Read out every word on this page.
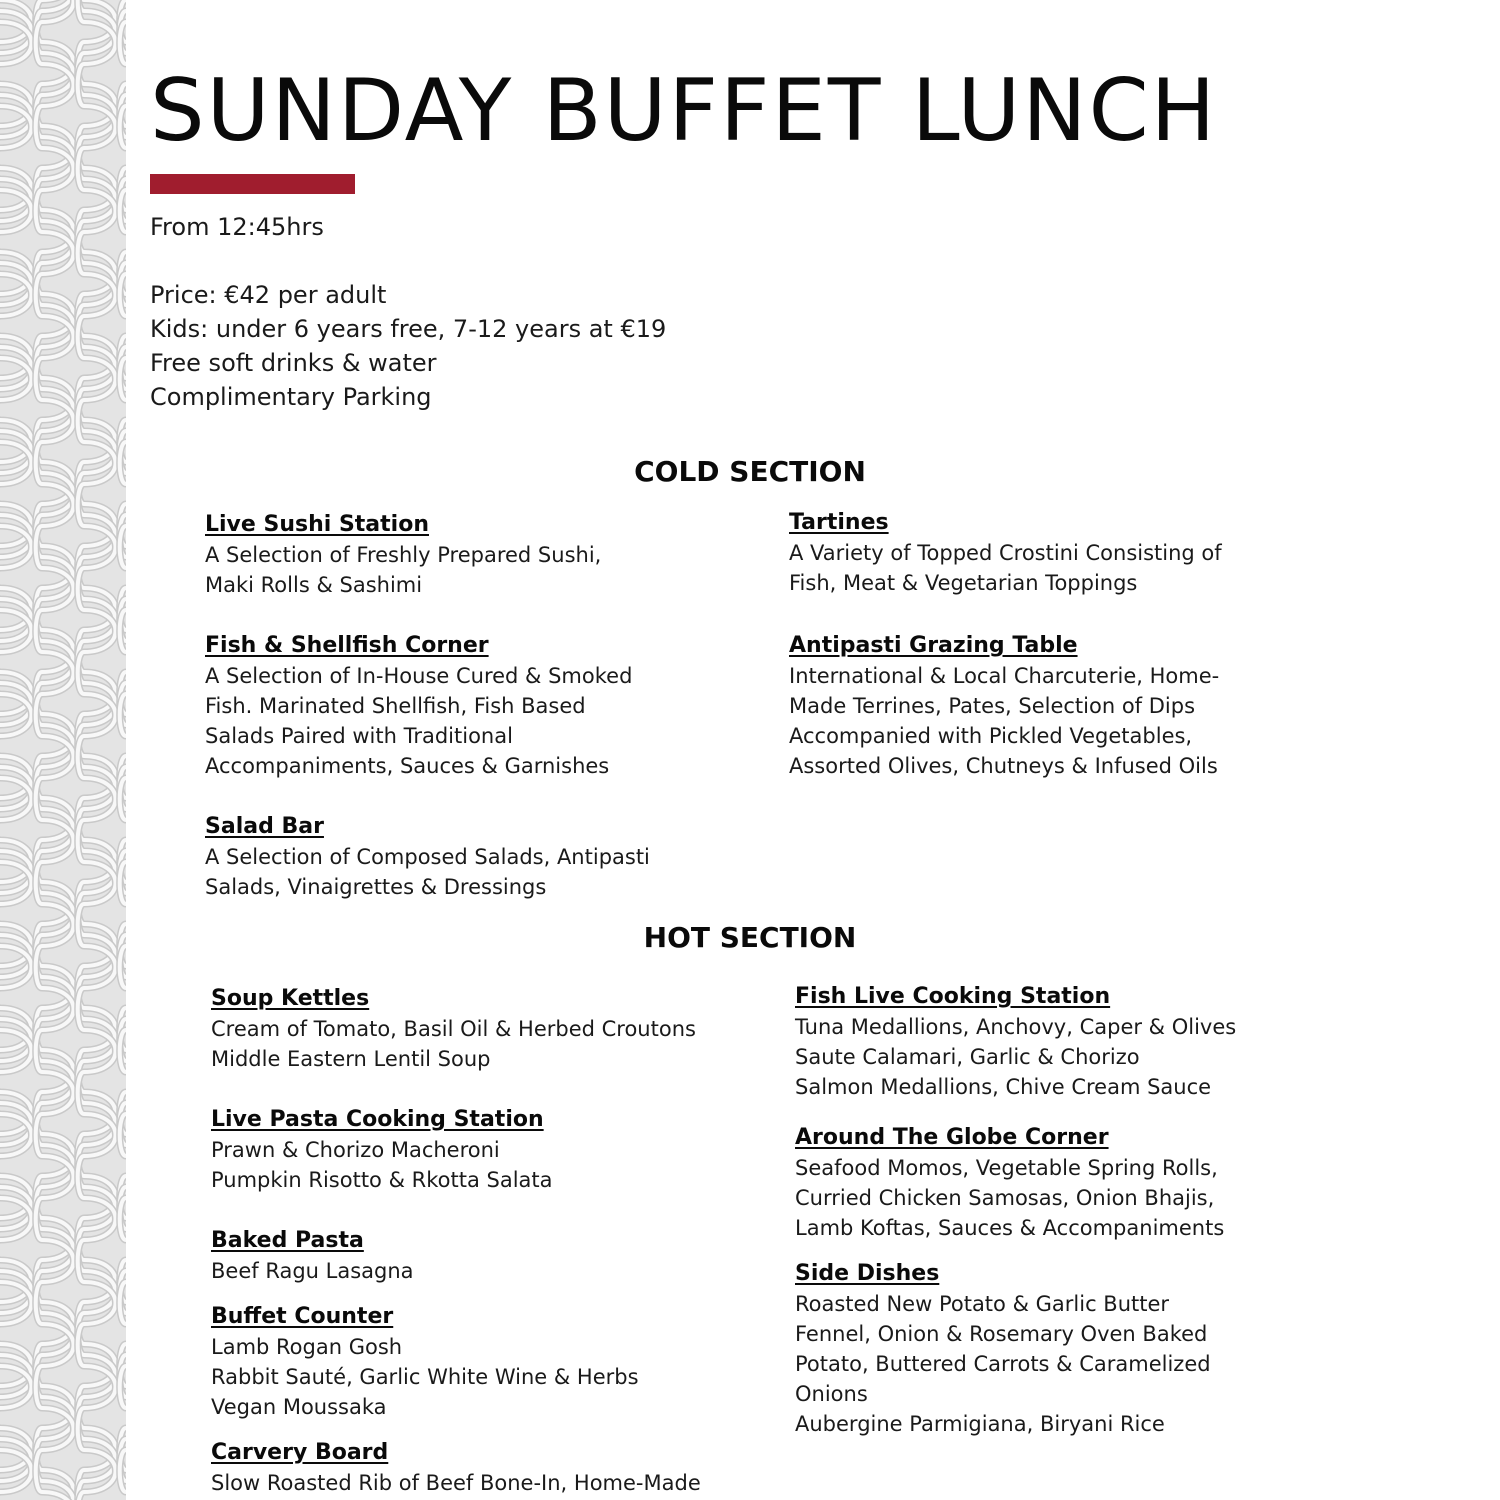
SUNDAY BUFFET LUNCH
From 12:45hrs
Price: €42 per adult
Kids: under 6 years free, 7-12 years at €19
Free soft drinks & water
Complimentary Parking
COLD SECTION
Live Sushi Station
A Selection of Freshly Prepared Sushi,
Maki Rolls & Sashimi
Tartines
A Variety of Topped Crostini Consisting of
Fish, Meat & Vegetarian Toppings
Fish & Shellfish Corner
A Selection of In-House Cured & Smoked
Fish. Marinated Shellfish, Fish Based
Salads Paired with Traditional
Accompaniments, Sauces & Garnishes
Antipasti Grazing Table
International & Local Charcuterie, Home-
Made Terrines, Pates, Selection of Dips
Accompanied with Pickled Vegetables,
Assorted Olives, Chutneys & Infused Oils
Salad Bar
A Selection of Composed Salads, Antipasti
Salads, Vinaigrettes & Dressings
HOT SECTION
Soup Kettles
Cream of Tomato, Basil Oil & Herbed Croutons
Middle Eastern Lentil Soup
Fish Live Cooking Station
Tuna Medallions, Anchovy, Caper & Olives
Saute Calamari, Garlic & Chorizo
Salmon Medallions, Chive Cream Sauce
Live Pasta Cooking Station
Prawn & Chorizo Macheroni
Pumpkin Risotto & Rkotta Salata
Around The Globe Corner
Seafood Momos, Vegetable Spring Rolls,
Curried Chicken Samosas, Onion Bhajis,
Lamb Koftas, Sauces & Accompaniments
Baked Pasta
Beef Ragu Lasagna	Side Dishes
Roasted New Potato & Garlic Butter
Fennel, Onion & Rosemary Oven Baked
Potato, Buttered Carrots & Caramelized
Onions
Aubergine Parmigiana, Biryani Rice
Buffet Counter
Lamb Rogan Gosh
Rabbit Sauté, Garlic White Wine & Herbs
Vegan Moussaka
Carvery Board
Slow Roasted Rib of Beef Bone-In, Home-Made
